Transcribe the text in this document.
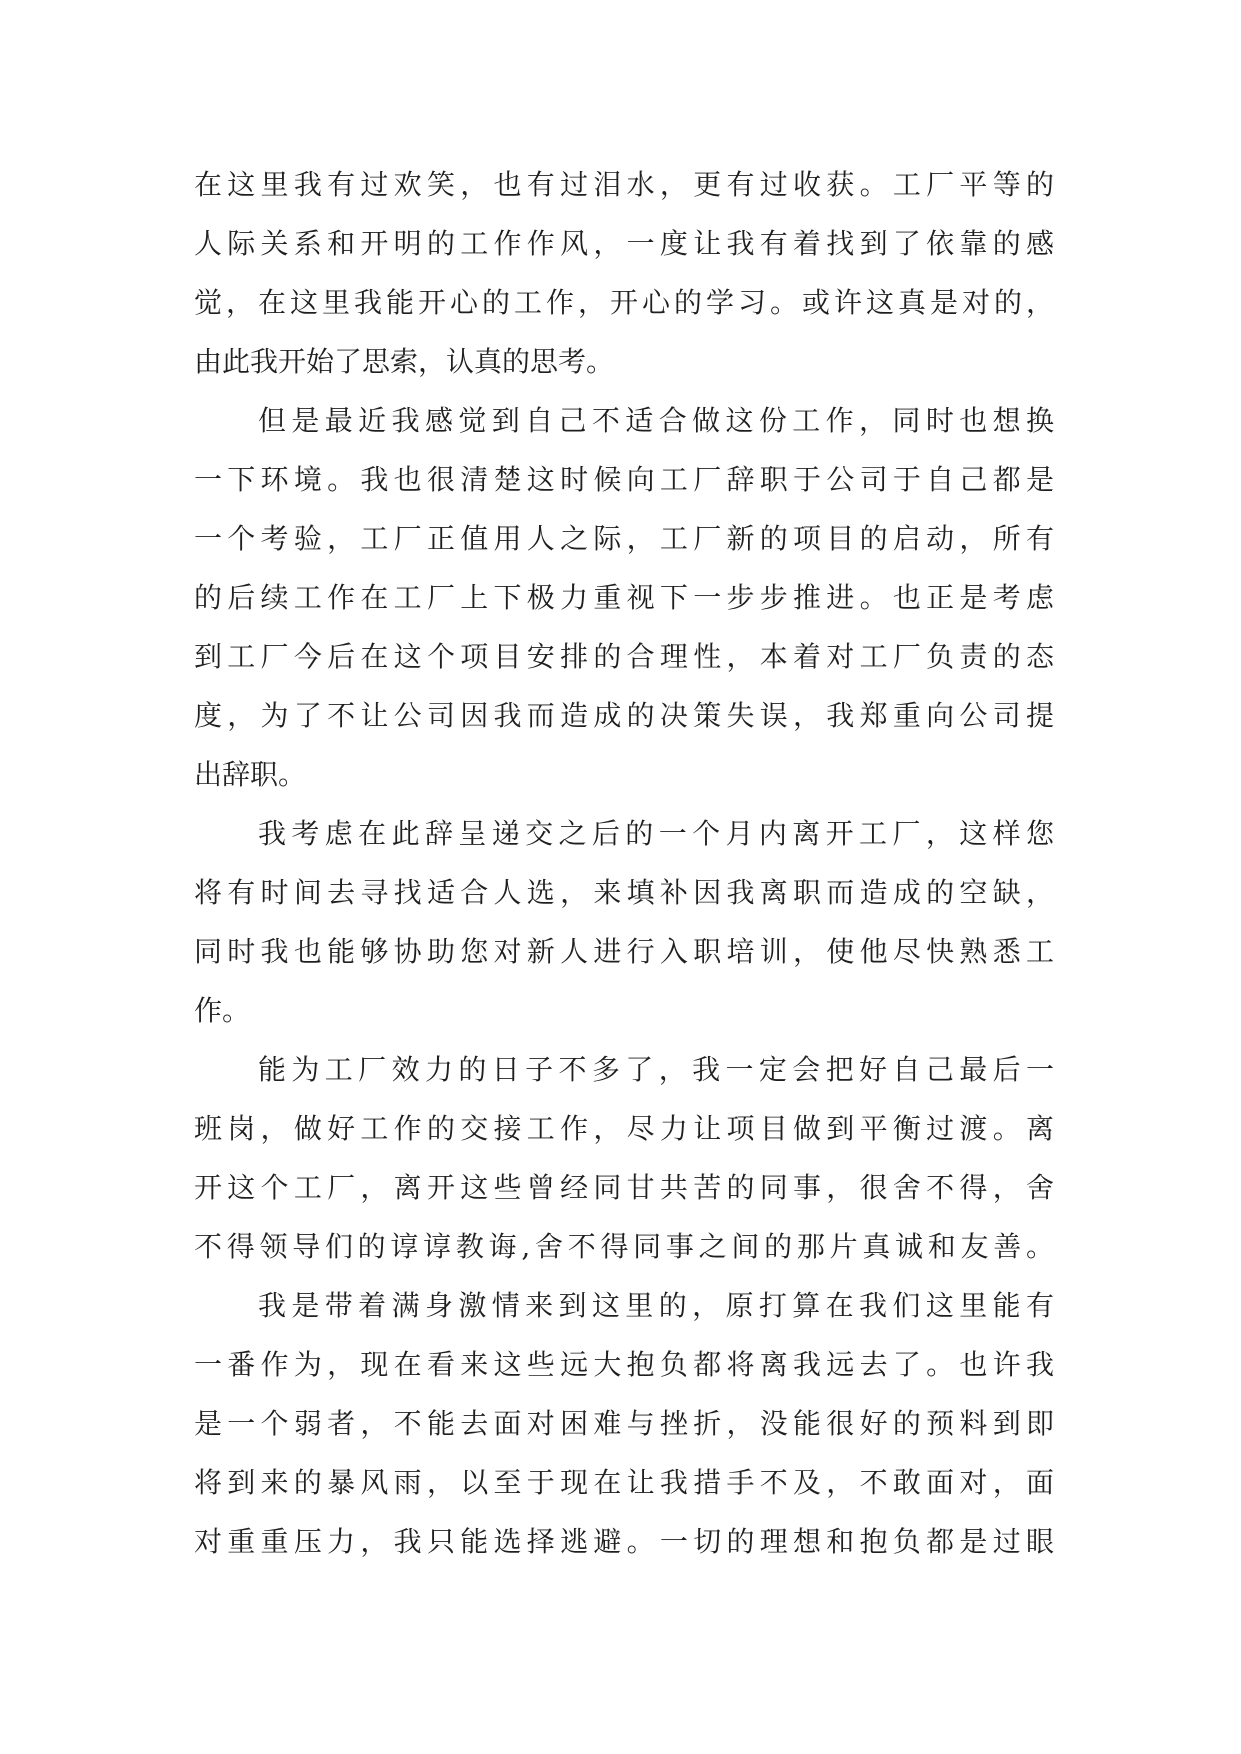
在这里我有过欢笑，也有过泪水，更有过收获。工厂平等的
人际关系和开明的工作作风，一度让我有着找到了依靠的感
觉，在这里我能开心的工作，开心的学习。或许这真是对的，
由此我开始了思索，认真的思考。

但是最近我感觉到自己不适合做这份工作，同时也想换
一下环境。我也很清楚这时候向工厂辞职于公司于自己都是
一个考验，工厂正值用人之际，工厂新的项目的启动，所有
的后续工作在工厂上下极力重视下一步步推进。也正是考虑
到工厂今后在这个项目安排的合理性，本着对工厂负责的态
度，为了不让公司因我而造成的决策失误，我郑重向公司提
出辞职。

我考虑在此辞呈递交之后的一个月内离开工厂，这样您
将有时间去寻找适合人选，来填补因我离职而造成的空缺，
同时我也能够协助您对新人进行入职培训，使他尽快熟悉工
作。

能为工厂效力的日子不多了，我一定会把好自己最后一
班岗，做好工作的交接工作，尽力让项目做到平衡过渡。离
开这个工厂，离开这些曾经同甘共苦的同事，很舍不得，舍
不得领导们的谆谆教诲,舍不得同事之间的那片真诚和友善。

我是带着满身激情来到这里的，原打算在我们这里能有
一番作为，现在看来这些远大抱负都将离我远去了。也许我
是一个弱者，不能去面对困难与挫折，没能很好的预料到即
将到来的暴风雨，以至于现在让我措手不及，不敢面对，面
对重重压力，我只能选择逃避。一切的理想和抱负都是过眼
